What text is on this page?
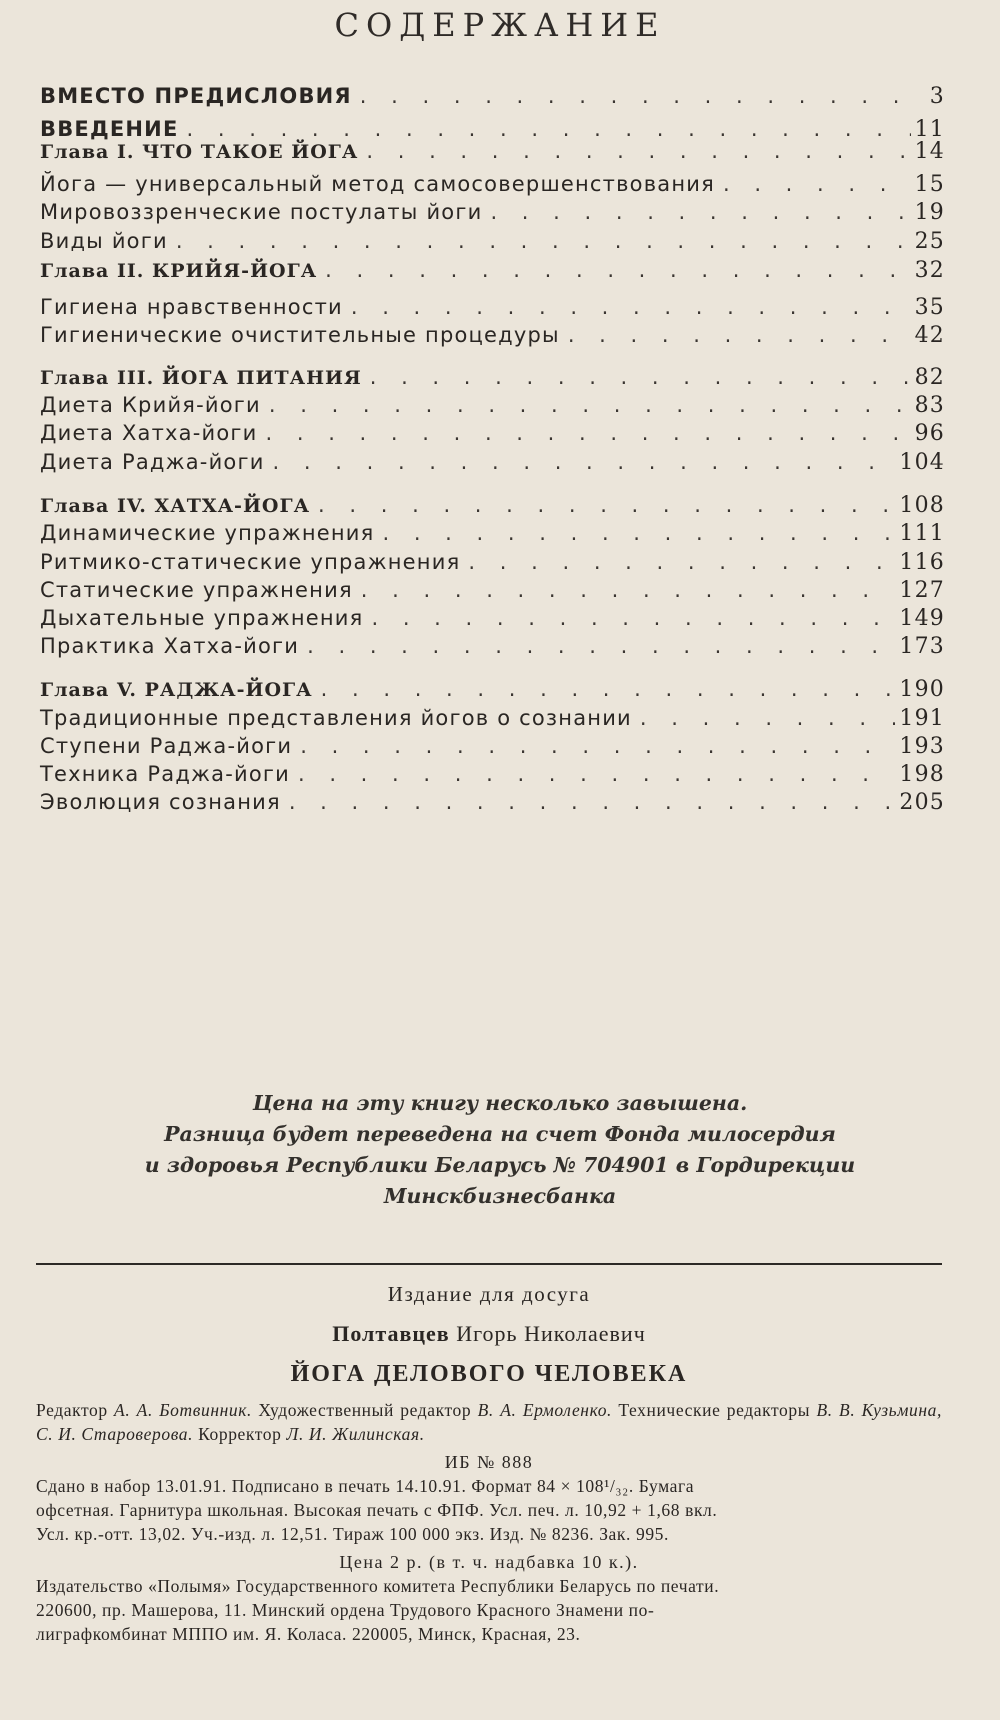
СОДЕРЖАНИЕ
ВМЕСТО ПРЕДИСЛОВИЯ . .	3
ВВЕДЕНИЕ . .	11
Глава I. ЧТО ТАКОЕ ЙОГА . .	14
Йога — универсальный метод самосовершенствования . .	15
Мировоззренческие постулаты йоги . .	19
Виды йоги . .	25
Глава II. КРИЙЯ-ЙОГА . .	32
Гигиена нравственности . .	35
Гигиенические очистительные процедуры . .	42
Глава III. ЙОГА ПИТАНИЯ . .	82
Диета Крийя-йоги . .	83
Диета Хатха-йоги . .	96
Диета Раджа-йоги . .	104
Глава IV. ХАТХА-ЙОГА . .	108
Динамические упражнения . .	111
Ритмико-статические упражнения . .	116
Статические упражнения . .	127
Дыхательные упражнения . .	149
Практика Хатха-йоги . .	173
Глава V. РАДЖА-ЙОГА . .	190
Традиционные представления йогов о сознании . .	191
Ступени Раджа-йоги . .	193
Техника Раджа-йоги . .	198
Эволюция сознания . .	205
Цена на эту книгу несколько завышена.
Разница будет переведена на счет Фонда милосердия
и здоровья Республики Беларусь № 704901 в Гордирекции
Минскбизнесбанка
Издание для досуга
Полтавцев Игорь Николаевич
ЙОГА ДЕЛОВОГО ЧЕЛОВЕКА
Редактор А. А. Ботвинник. Художественный редактор В. А. Ермоленко. Технические редакторы В. В. Кузьмина, С. И. Староверова. Корректор Л. И. Жилинская.
ИБ № 888
Сдано в набор 13.01.91. Подписано в печать 14.10.91. Формат 84 × 108¹/₃₂. Бумага
офсетная. Гарнитура школьная. Высокая печать с ФПФ. Усл. печ. л. 10,92 + 1,68 вкл.
Усл. кр.-отт. 13,02. Уч.-изд. л. 12,51. Тираж 100 000 экз. Изд. № 8236. Зак. 995.
Цена 2 р. (в т. ч. надбавка 10 к.).
Издательство «Полымя» Государственного комитета Республики Беларусь по печати.
220600, пр. Машерова, 11. Минский ордена Трудового Красного Знамени по-
лиграфкомбинат МППО им. Я. Коласа. 220005, Минск, Красная, 23.
